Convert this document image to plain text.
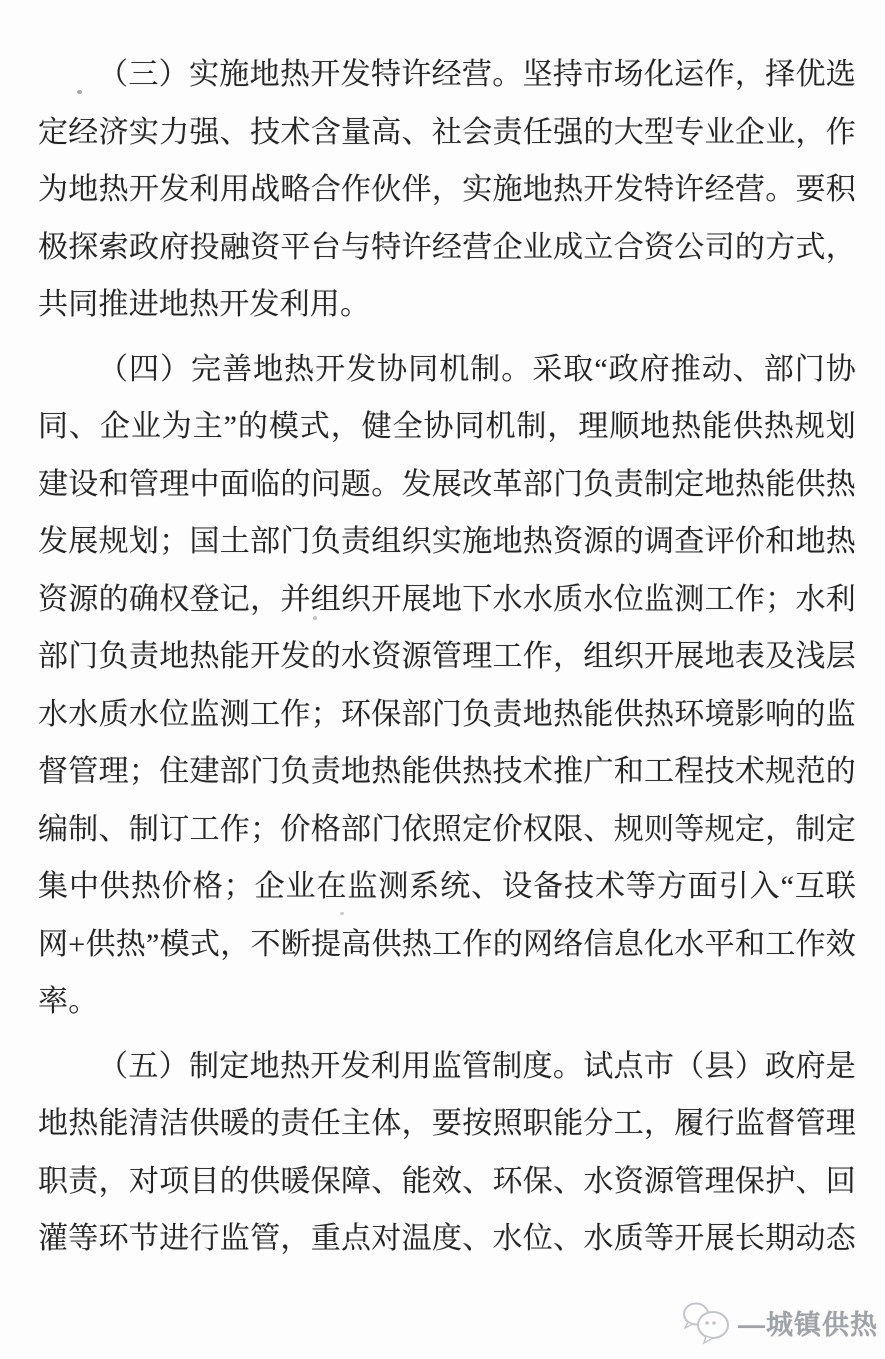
（三）实施地热开发特许经营。坚持市场化运作，择优选
定经济实力强、技术含量高、社会责任强的大型专业企业，作
为地热开发利用战略合作伙伴，实施地热开发特许经营。要积
极探索政府投融资平台与特许经营企业成立合资公司的方式，
共同推进地热开发利用。
（四）完善地热开发协同机制。采取“政府推动、部门协
同、企业为主”的模式，健全协同机制，理顺地热能供热规划
建设和管理中面临的问题。发展改革部门负责制定地热能供热
发展规划；国土部门负责组织实施地热资源的调查评价和地热
资源的确权登记，并组织开展地下水水质水位监测工作；水利
部门负责地热能开发的水资源管理工作，组织开展地表及浅层
水水质水位监测工作；环保部门负责地热能供热环境影响的监
督管理；住建部门负责地热能供热技术推广和工程技术规范的
编制、制订工作；价格部门依照定价权限、规则等规定，制定
集中供热价格；企业在监测系统、设备技术等方面引入“互联
网+供热”模式，不断提高供热工作的网络信息化水平和工作效
率。
（五）制定地热开发利用监管制度。试点市（县）政府是
地热能清洁供暖的责任主体，要按照职能分工，履行监督管理
职责，对项目的供暖保障、能效、环保、水资源管理保护、回
灌等环节进行监管，重点对温度、水位、水质等开展长期动态
—城镇供热
